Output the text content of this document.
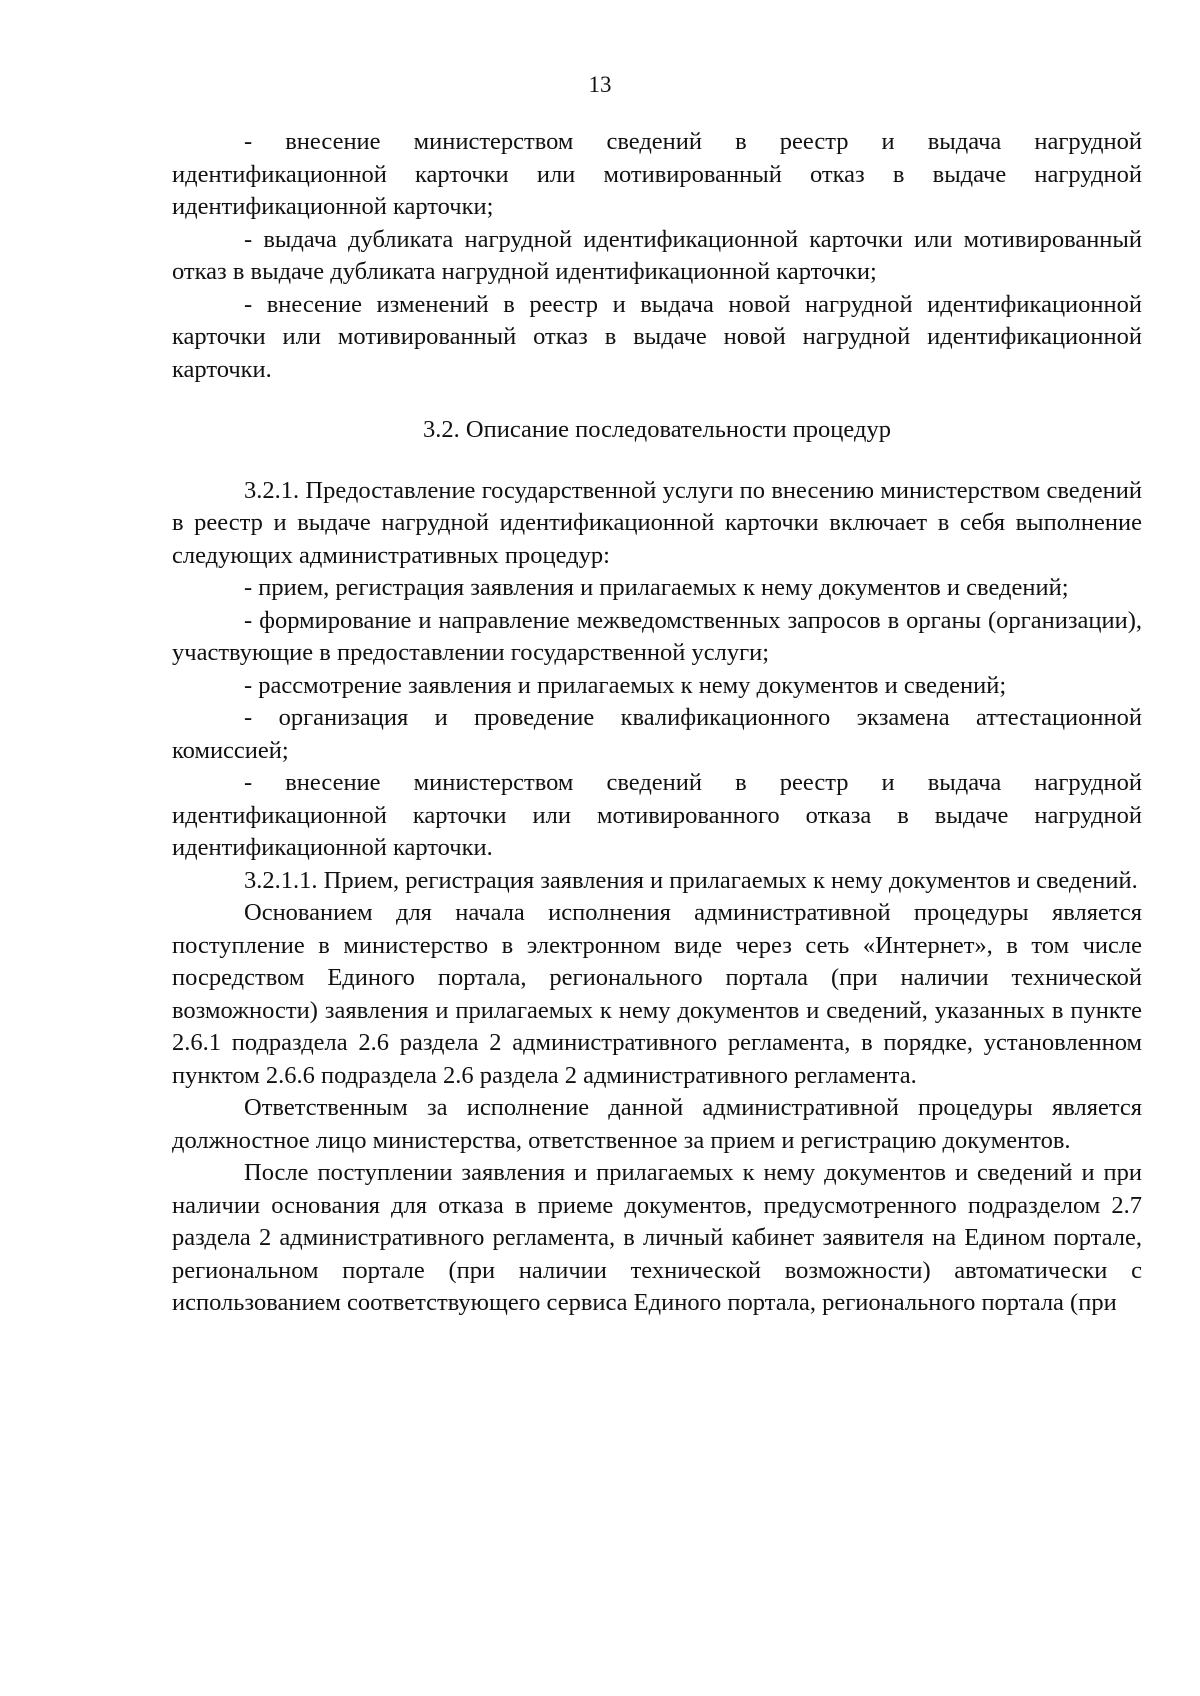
13

- внесение министерством сведений в реестр и выдача нагрудной идентификационной карточки или мотивированный отказ в выдаче нагрудной идентификационной карточки;

- выдача дубликата нагрудной идентификационной карточки или мотивированный отказ в выдаче дубликата нагрудной идентификационной карточки;

- внесение изменений в реестр и выдача новой нагрудной идентификационной карточки или мотивированный отказ в выдаче новой нагрудной идентификационной карточки.

3.2. Описание последовательности процедур

3.2.1. Предоставление государственной услуги по внесению министерством сведений в реестр и выдаче нагрудной идентификационной карточки включает в себя выполнение следующих административных процедур:

- прием, регистрация заявления и прилагаемых к нему документов и сведений;

- формирование и направление межведомственных запросов в органы (организации), участвующие в предоставлении государственной услуги;

- рассмотрение заявления и прилагаемых к нему документов и сведений;

- организация и проведение квалификационного экзамена аттестационной комиссией;

- внесение министерством сведений в реестр и выдача нагрудной идентификационной карточки или мотивированного отказа в выдаче нагрудной идентификационной карточки.

3.2.1.1. Прием, регистрация заявления и прилагаемых к нему документов и сведений.

Основанием для начала исполнения административной процедуры является поступление в министерство в электронном виде через сеть «Интернет», в том числе посредством Единого портала, регионального портала (при наличии технической возможности) заявления и прилагаемых к нему документов и сведений, указанных в пункте 2.6.1 подраздела 2.6 раздела 2 административного регламента, в порядке, установленном пунктом 2.6.6 подраздела 2.6 раздела 2 административного регламента.

Ответственным за исполнение данной административной процедуры является должностное лицо министерства, ответственное за прием и регистрацию документов.

После поступлении заявления и прилагаемых к нему документов и сведений и при наличии основания для отказа в приеме документов, предусмотренного подразделом 2.7 раздела 2 административного регламента, в личный кабинет заявителя на Едином портале, региональном портале (при наличии технической возможности) автоматически с использованием соответствующего сервиса Единого портала, регионального портала (при
